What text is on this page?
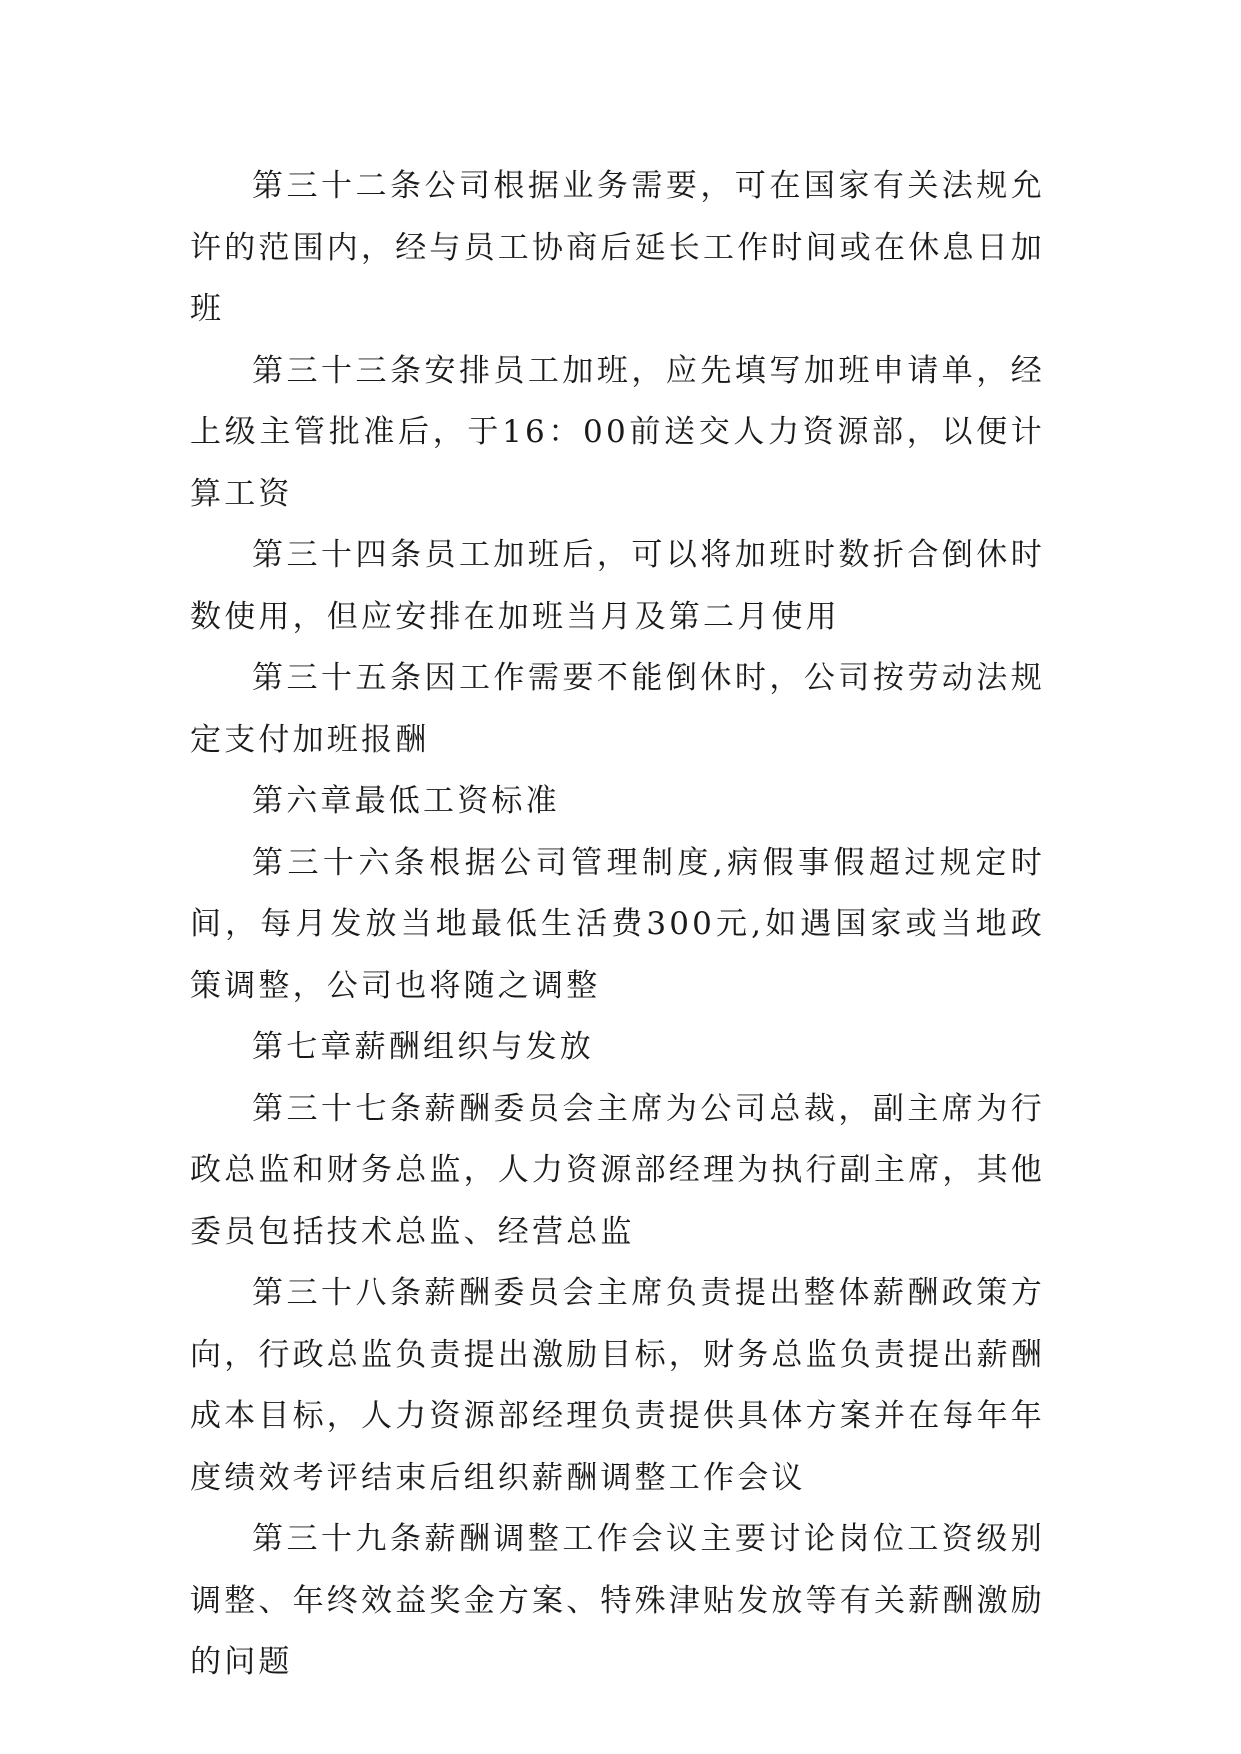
第三十二条公司根据业务需要，可在国家有关法规允许的范围内，经与员工协商后延长工作时间或在休息日加班

第三十三条安排员工加班，应先填写加班申请单，经上级主管批准后，于16：00前送交人力资源部，以便计算工资

第三十四条员工加班后，可以将加班时数折合倒休时数使用，但应安排在加班当月及第二月使用

第三十五条因工作需要不能倒休时，公司按劳动法规定支付加班报酬

第六章最低工资标准

第三十六条根据公司管理制度,病假事假超过规定时间，每月发放当地最低生活费300元,如遇国家或当地政策调整，公司也将随之调整

第七章薪酬组织与发放

第三十七条薪酬委员会主席为公司总裁，副主席为行政总监和财务总监，人力资源部经理为执行副主席，其他委员包括技术总监、经营总监

第三十八条薪酬委员会主席负责提出整体薪酬政策方向，行政总监负责提出激励目标，财务总监负责提出薪酬成本目标，人力资源部经理负责提供具体方案并在每年年度绩效考评结束后组织薪酬调整工作会议

第三十九条薪酬调整工作会议主要讨论岗位工资级别调整、年终效益奖金方案、特殊津贴发放等有关薪酬激励的问题
